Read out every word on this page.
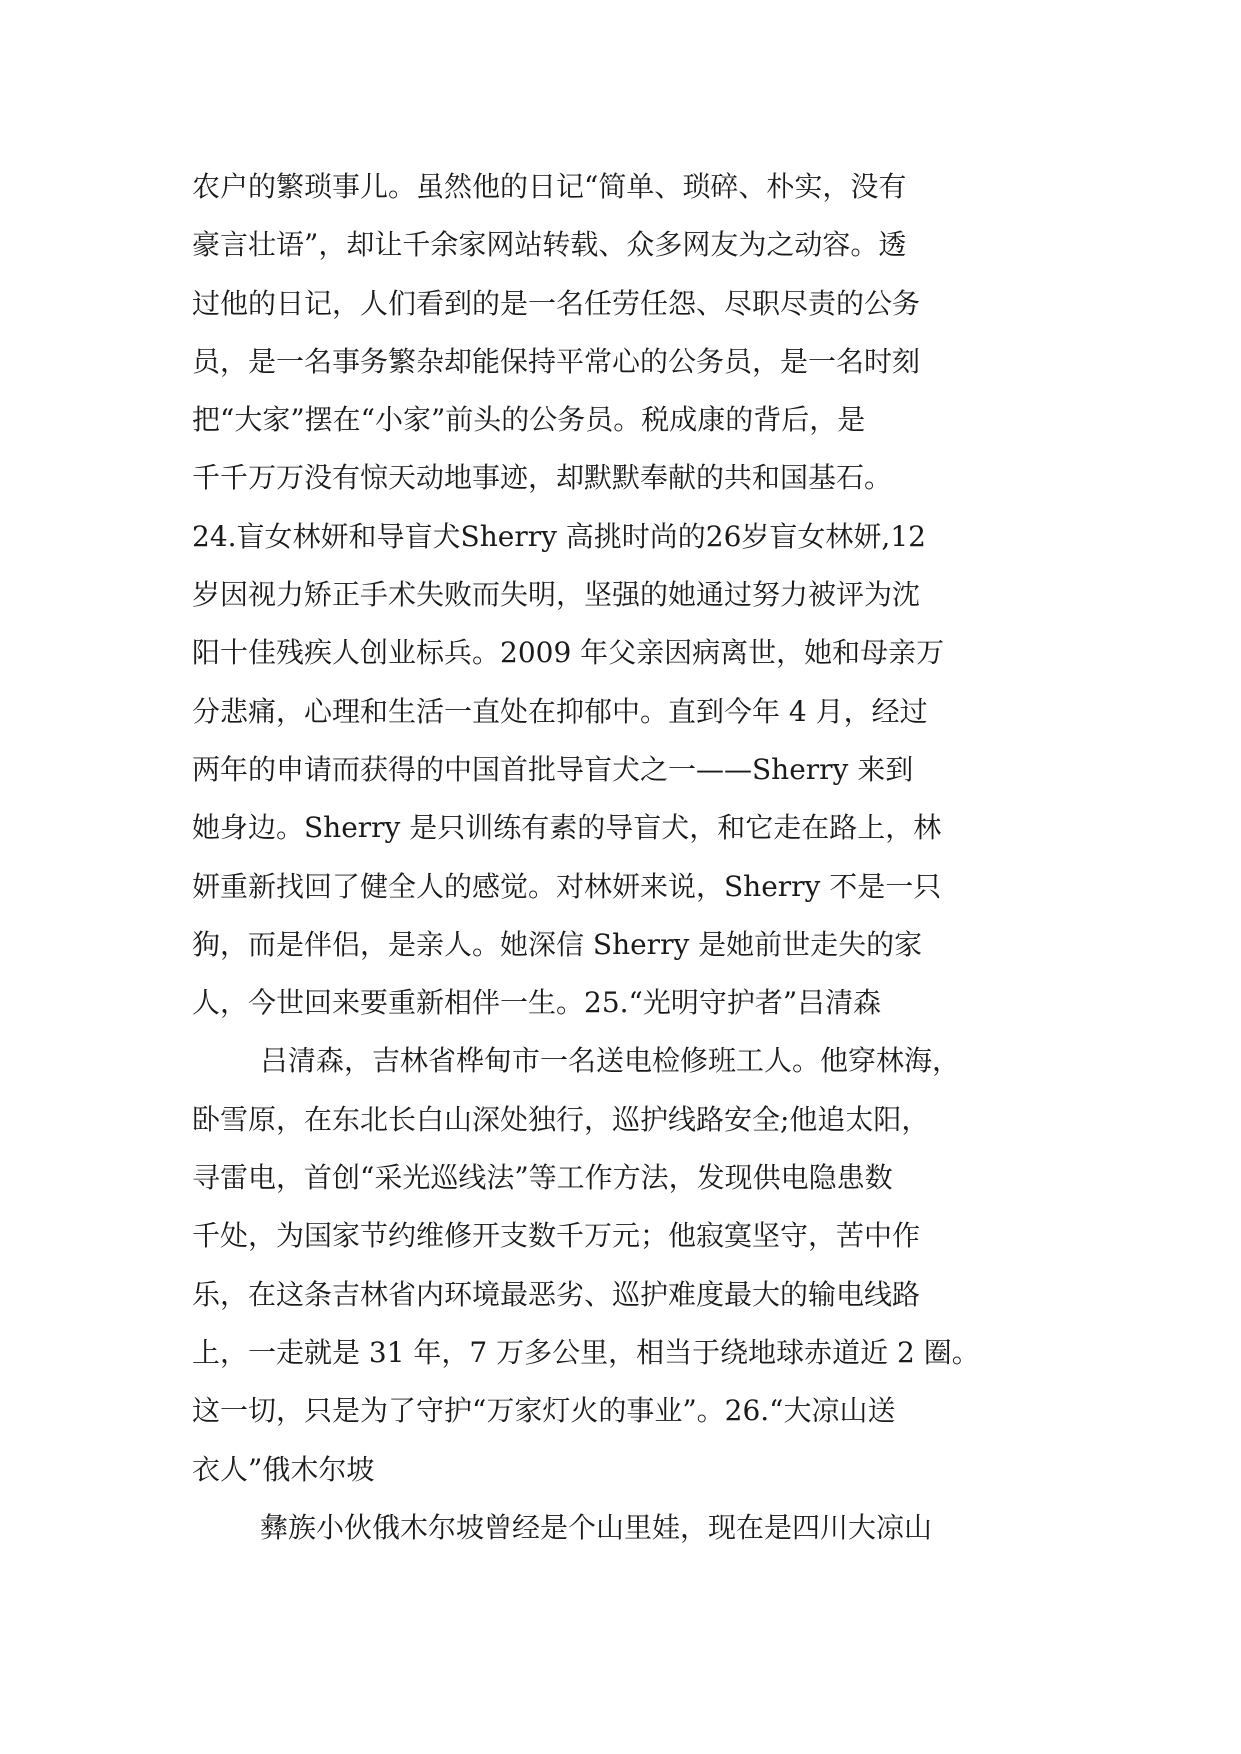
农户的繁琐事儿。虽然他的日记“简单、琐碎、朴实，没有
豪言壮语”，却让千余家网站转载、众多网友为之动容。透
过他的日记，人们看到的是一名任劳任怨、尽职尽责的公务
员，是一名事务繁杂却能保持平常心的公务员，是一名时刻
把“大家”摆在“小家”前头的公务员。税成康的背后，是
千千万万没有惊天动地事迹，却默默奉献的共和国基石。
24.盲女林妍和导盲犬Sherry 高挑时尚的26岁盲女林妍,12
岁因视力矫正手术失败而失明，坚强的她通过努力被评为沈
阳十佳残疾人创业标兵。2009 年父亲因病离世，她和母亲万
分悲痛，心理和生活一直处在抑郁中。直到今年 4 月，经过
两年的申请而获得的中国首批导盲犬之一——Sherry 来到
她身边。Sherry 是只训练有素的导盲犬，和它走在路上，林
妍重新找回了健全人的感觉。对林妍来说，Sherry 不是一只
狗，而是伴侣，是亲人。她深信 Sherry 是她前世走失的家
人，今世回来要重新相伴一生。25.“光明守护者”吕清森
吕清森，吉林省桦甸市一名送电检修班工人。他穿林海，
卧雪原，在东北长白山深处独行，巡护线路安全;他追太阳，
寻雷电，首创“采光巡线法”等工作方法，发现供电隐患数
千处，为国家节约维修开支数千万元；他寂寞坚守，苦中作
乐，在这条吉林省内环境最恶劣、巡护难度最大的输电线路
上，一走就是 31 年，7 万多公里，相当于绕地球赤道近 2 圈。
这一切，只是为了守护“万家灯火的事业”。26.“大凉山送
衣人”俄木尔坡
彝族小伙俄木尔坡曾经是个山里娃，现在是四川大凉山
